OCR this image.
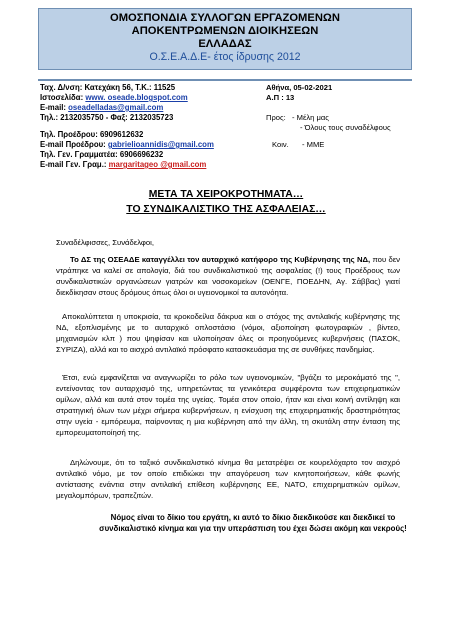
ΟΜΟΣΠΟΝΔΙΑ ΣΥΛΛΟΓΩΝ ΕΡΓΑΖΟΜΕΝΩΝ
ΑΠΟΚΕΝΤΡΩΜΕΝΩΝ ΔΙΟΙΚΗΣΕΩΝ
ΕΛΛΑΔΑΣ
Ο.Σ.Ε.Α.Δ.Ε- έτος ίδρυσης 2012
Ταχ. Δ/νση: Κατεχάκη 56, Τ.Κ.: 11525
Ιστοσελίδα: www. oseade.blogspot.com
E-mail: oseadelladas@gmail.com
Τηλ.: 2132035750 - Φαξ: 2132035723
Τηλ. Προέδρου: 6909612632
E-mail Προέδρου: gabrielioannidis@gmail.com
Τηλ. Γεν. Γραμματέα: 6906696232
E-mail Γεν. Γραμ.: margaritageo @gmail.com
Αθήνα, 05-02-2021
Α.Π : 13
Προς: - Μέλη μας
- Όλους τους συναδέλφους
Κοιν. - ΜΜΕ
ΜΕΤΑ ΤΑ ΧΕΙΡΟΚΡΟΤΗΜΑΤΑ…
ΤΟ ΣΥΝΔΙΚΑΛΙΣΤΙΚΟ ΤΗΣ ΑΣΦΑΛΕΙΑΣ…
Συναδέλφισσες, Συνάδελφοι,
Το ΔΣ της ΟΣΕΑΔΕ καταγγέλλει τον αυταρχικό κατήφορο της Κυβέρνησης της ΝΔ, που δεν ντράπηκε να καλεί σε απολογία, διά του συνδικαλιστικού της ασφαλείας (!) τους Προέδρους των συνδικαλιστικών οργανώσεων γιατρών και νοσοκομείων (ΟΕΝΓΕ, ΠΟΕΔΗΝ, Αγ. Σάββας) γιατί διεκδίκησαν στους δρόμους όπως όλοι οι υγειονομικοί τα αυτονόητα.
Αποκαλύπτεται η υποκρισία, τα κροκοδείλια δάκρυα και ο στόχος της αντιλαϊκής κυβέρνησης της ΝΔ, εξοπλισμένης με το αυταρχικό οπλοστάσιο (νόμοι, αξιοποίηση φωτογραφιών , βίντεο, μηχανισμών κλπ ) που ψηφίσαν και υλοποίησαν όλες οι προηγούμενες κυβερνήσεις (ΠΑΣΟΚ, ΣΥΡΙΖΑ), αλλά και το αισχρό αντιλαϊκό πρόσφατο κατασκευάσμα της σε συνθήκες πανδημίας.
Έτσι, ενώ εμφανίζεται να αναγνωρίζει το ρόλο των υγειονομικών, "βγάζει το μεροκάματό της ", εντείνοντας τον αυταρχισμό της, υπηρετώντας τα γενικότερα συμφέροντα των επιχειρηματικών ομίλων, αλλά και αυτά στον τομέα της υγείας. Τομέα στον οποίο, ήταν και είναι κοινή αντίληψη και στρατηγική όλων των μέχρι σήμερα κυβερνήσεων, η ενίσχυση της επιχειρηματικής δραστηριότητας στην υγεία - εμπόρευμα, παίρνοντας η μια κυβέρνηση από την άλλη, τη σκυτάλη στην ένταση της εμπορευματοποίησή της.
Δηλώνουμε, ότι το ταξικό συνδικαλιστικό κίνημα θα μετατρέψει σε κουρελόχαρτο τον αισχρό αντιλαϊκό νόμο, με τον οποίο επιδιώκει την απαγόρευση των κινητοποιήσεων, κάθε φωνής αντίστασης ενάντια στην αντιλαϊκή επίθεση κυβέρνησης ΕΕ, ΝΑΤΟ, επιχειρηματικών ομίλων, μεγαλομπόρων, τραπεζιτών.
Νόμος είναι το δίκιο του εργάτη, κι αυτό το δίκιο διεκδικούσε και διεκδικεί το συνδικαλιστικό κίνημα και για την υπεράσπιση του έχει δώσει ακόμη και νεκρούς!
